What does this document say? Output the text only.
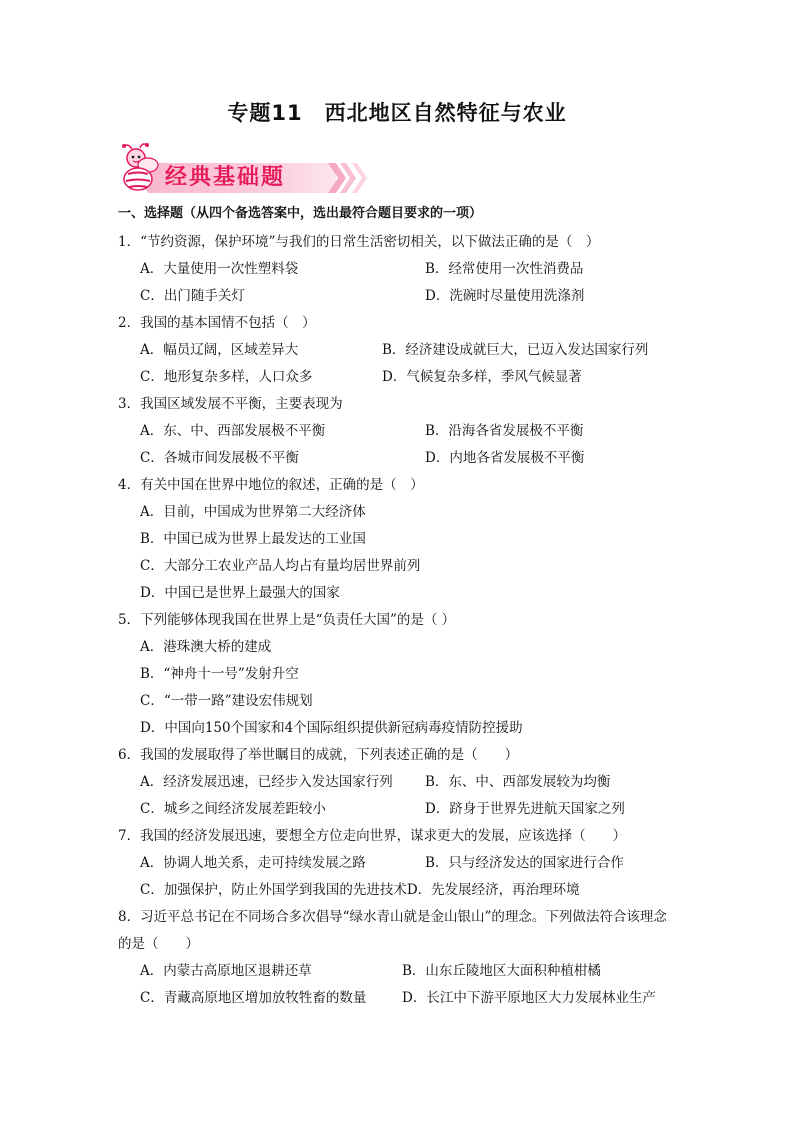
专题11　西北地区自然特征与农业
经典基础题
一、选择题（从四个备选答案中，选出最符合题目要求的一项）
1．“节约资源，保护环境”与我们的日常生活密切相关，以下做法正确的是（　）
A．大量使用一次性塑料袋	B．经常使用一次性消费品
C．出门随手关灯	D．洗碗时尽量使用洗涤剂
2．我国的基本国情不包括（　）
A．幅员辽阔，区域差异大	B．经济建设成就巨大，已迈入发达国家行列
C．地形复杂多样，人口众多	D．气候复杂多样，季风气候显著
3．我国区域发展不平衡，主要表现为
A．东、中、西部发展极不平衡	B．沿海各省发展极不平衡
C．各城市间发展极不平衡	D．内地各省发展极不平衡
4．有关中国在世界中地位的叙述，正确的是（　）
A．目前，中国成为世界第二大经济体
B．中国已成为世界上最发达的工业国
C．大部分工农业产品人均占有量均居世界前列
D．中国已是世界上最强大的国家
5．下列能够体现我国在世界上是“负责任大国”的是（ ）
A．港珠澳大桥的建成
B．“神舟十一号”发射升空
C．“一带一路”建设宏伟规划
D．中国向150个国家和4个国际组织提供新冠病毒疫情防控援助
6．我国的发展取得了举世瞩目的成就，下列表述正确的是（　　）
A．经济发展迅速，已经步入发达国家行列	B．东、中、西部发展较为均衡
C．城乡之间经济发展差距较小	D．跻身于世界先进航天国家之列
7．我国的经济发展迅速，要想全方位走向世界，谋求更大的发展，应该选择（　　）
A．协调人地关系，走可持续发展之路	B．只与经济发达的国家进行合作
C．加强保护，防止外国学到我国的先进技术 D．先发展经济，再治理环境
8．习近平总书记在不同场合多次倡导“绿水青山就是金山银山”的理念。下列做法符合该理念的是（　　）
A．内蒙古高原地区退耕还草	B．山东丘陵地区大面积种植柑橘
C．青藏高原地区增加放牧牲畜的数量	D．长江中下游平原地区大力发展林业生产
